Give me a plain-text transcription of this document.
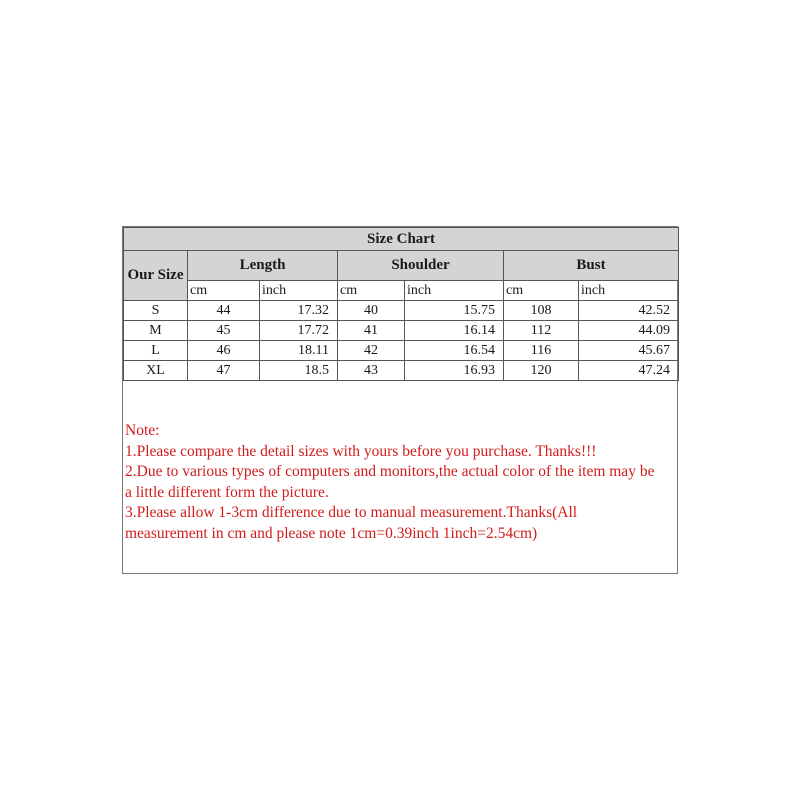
Size Chart						
Our Size	Length		Shoulder		Bust	
	cm	inch	cm	inch	cm	inch
S	44	17.32	40	15.75	108	42.52
M	45	17.72	41	16.14	112	44.09
L	46	18.11	42	16.54	116	45.67
XL	47	18.5	43	16.93	120	47.24
Note:
1.Please compare the detail sizes with yours before you purchase. Thanks!!!
2.Due to various types of computers and monitors,the actual color of the item may be
a little different form the picture.
3.Please allow 1-3cm difference due to manual measurement.Thanks(All
measurement in cm and please note 1cm=0.39inch 1inch=2.54cm)
